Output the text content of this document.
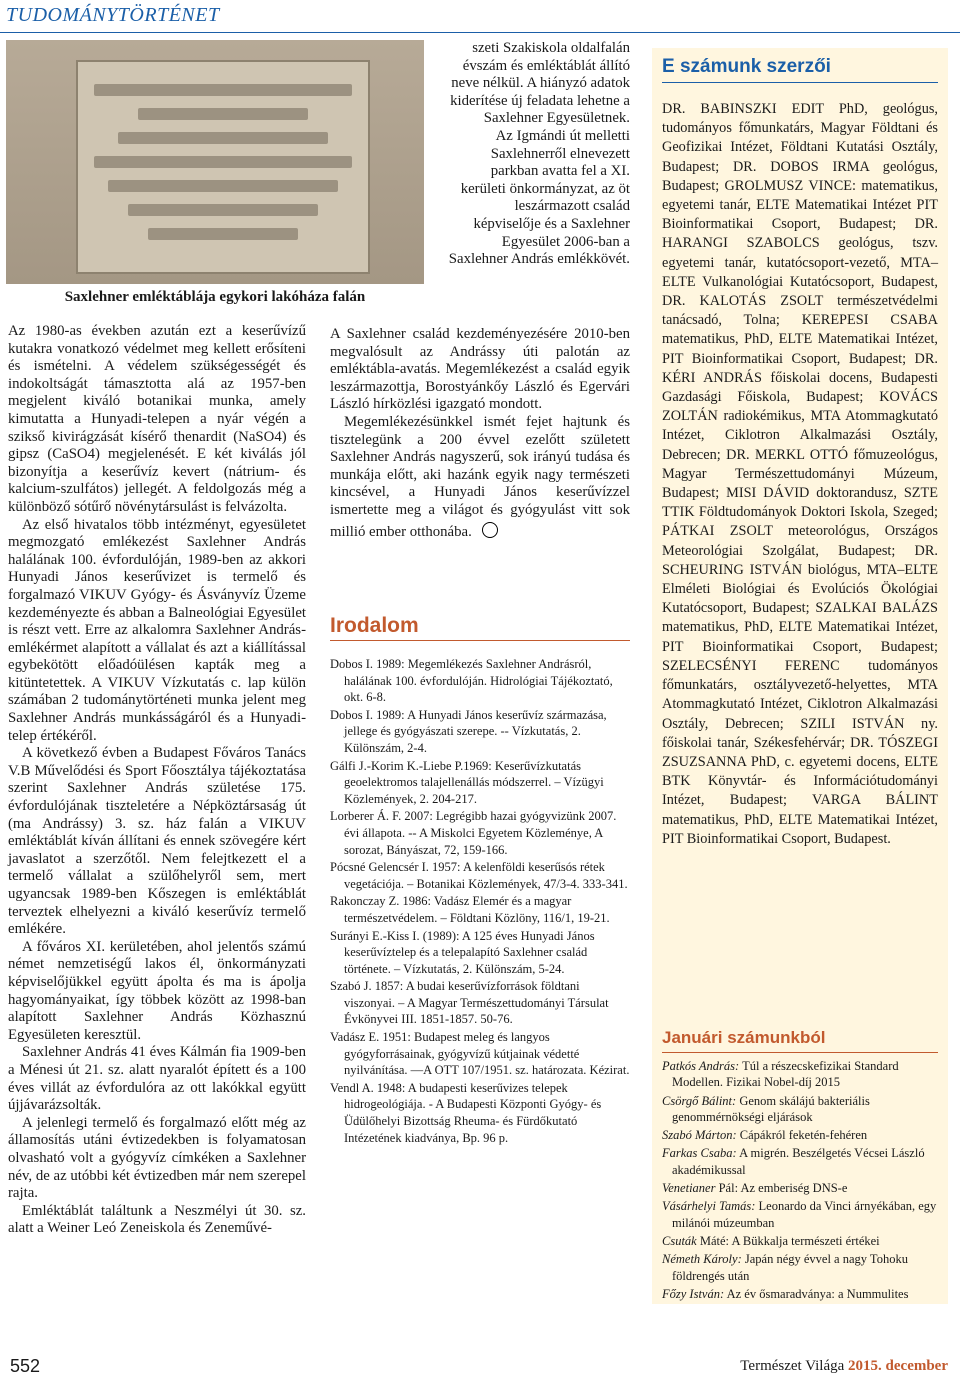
TUDOMÁNYTÖRTÉNET
Saxlehner emléktáblája egykori lakóháza falán

Az 1980-as években azután ezt a keserűvízű kutakra vonatkozó védelmet meg kellett erősíteni és ismételni. A védelem szükségességét és indokoltságát támasztotta alá az 1957-ben megjelent kiváló botanikai munka, amely kimutatta a Hunyadi-telepen a nyár végén a szikső kivirágzását kísérő thenardit (NaSO4) és gipsz (CaSO4) megjelenését. E két kiválás jól bizonyítja a keserűvíz kevert (nátrium- és kalcium-szulfátos) jellegét. A feldolgozás még a különböző sótűrő növénytársulást is felvázolta.

Az első hivatalos több intézményt, egyesületet megmozgató emlékezést Saxlehner András halálának 100. évfordulóján, 1989-ben az akkori Hunyadi János keserűvizet is termelő és forgalmazó VIKUV Gyógy- és Ásványvíz Üzeme kezdeményezte és abban a Balneológiai Egyesület is részt vett. Erre az alkalomra Saxlehner András-emlékérmet alapított a vállalat és azt a kiállítással egybekötött előadóülésen kapták meg a kitüntetettek. A VIKUV Vízkutatás c. lap külön számában 2 tudománytörténeti munka jelent meg Saxlehner András munkásságáról és a Hunyadi-telep értékéről.

A következő évben a Budapest Főváros Tanács V.B Művelődési és Sport Főosztálya tájékoztatása szerint Saxlehner András születése 175. évfordulójának tiszteletére a Népköztársaság út (ma Andrássy) 3. sz. ház falán a VIKUV emléktáblát kíván állítani és ennek szövegére kért javaslatot a szerzőtől. Nem felejtkezett el a termelő vállalat a szülőhelyről sem, mert ugyancsak 1989-ben Kőszegen is emléktáblát terveztek elhelyezni a kiváló keserűvíz termelő emlékére.

A főváros XI. kerületében, ahol jelentős számú német nemzetiségű lakos él, önkormányzati képviselőjükkel együtt ápolta és ma is ápolja hagyományaikat, így többek között az 1998-ban alapított Saxlehner András Közhasznú Egyesületen keresztül.

Saxlehner András 41 éves Kálmán fia 1909-ben a Ménesi út 21. sz. alatt nyaralót épített és a 100 éves villát az évfordulóra az ott lakókkal együtt újjávarázsolták.

A jelenlegi termelő és forgalmazó előtt még az államosítás utáni évtizedekben is folyamatosan olvasható volt a gyógyvíz címkéken a Saxlehner név, de az utóbbi két évtizedben már nem szerepel rajta.

Emléktáblát találtunk a Neszmélyi út 30. sz. alatt a Weiner Leó Zeneiskola és Zeneművé-

szeti Szakiskola oldalfalán évszám és emléktáblát állító neve nélkül. A hiányzó adatok kiderítése új feladata lehetne a Saxlehner Egyesületnek.

Az Igmándi út melletti Saxlehnerről elnevezett parkban avatta fel a XI. kerületi önkormányzat, az öt leszármazott család képviselője és a Saxlehner Egyesület 2006-ban a Saxlehner András emlékkövét.

A Saxlehner család kezdeményezésére 2010-ben megvalósult az Andrássy úti palotán az emléktábla-avatás. Megemlékezést a család egyik leszármazottja, Borostyánkőy László és Egervári László hírközlési igazgató mondott.

Megemlékezésünkkel ismét fejet hajtunk és tisztelegünk a 200 évvel ezelőtt született Saxlehner András nagyszerű, sok irányú tudása és munkája előtt, aki hazánk egyik nagy természeti kincsével, a Hunyadi János keserűvízzel ismertette meg a világot és gyógyulást vitt sok millió ember otthonába.

Irodalom

Dobos I. 1989: Megemlékezés Saxlehner Andrásról, halálának 100. évfordulóján. Hidrológiai Tájékoztató, okt. 6-8.

Dobos I. 1989: A Hunyadi János keserűvíz származása, jellege és gyógyászati szerepe. -- Vízkutatás, 2. Különszám, 2-4.

Gálfi J.-Korim K.-Liebe P.1969: Keserűvízkutatás geoelektromos talajellenállás módszerrel. – Vízügyi Közlemények, 2. 204-217.

Lorberer Á. F. 2007: Legrégibb hazai gyógyvizünk 2007. évi állapota. -- A Miskolci Egyetem Közleménye, A sorozat, Bányászat, 72, 159-166.

Pócsné Gelencsér I. 1957: A kelenföldi keserűsós rétek vegetációja. – Botanikai Közlemények, 47/3-4. 333-341.

Rakonczay Z. 1986: Vadász Elemér és a magyar természetvédelem. – Földtani Közlöny, 116/1, 19-21.

Surányi E.-Kiss I. (1989): A 125 éves Hunyadi János keserűvíztelep és a telepalapító Saxlehner család története. – Vízkutatás, 2. Különszám, 5-24.

Szabó J. 1857: A budai keserűvízforrások földtani viszonyai. – A Magyar Természettudományi Társulat Évkönyvei III. 1851-1857. 50-76.

Vadász E. 1951: Budapest meleg és langyos gyógyforrásainak, gyógyvízű kútjainak védetté nyilvánítása. —A OTT 107/1951. sz. határozata. Kézirat.

Vendl A. 1948: A budapesti keserűvizes telepek hidrogeológiája. - A Budapesti Központi Gyógy- és Üdülőhelyi Bizottság Rheuma- és Fürdőkutató Intézetének kiadványa, Bp. 96 p.

E számunk szerzői
DR. BABINSZKI EDIT PhD, geológus, tudományos főmunkatárs, Magyar Földtani és Geofizikai Intézet, Földtani Kutatási Osztály, Budapest; DR. DOBOS IRMA geológus, Budapest; GROLMUSZ VINCE: matematikus, egyetemi tanár, ELTE Matematikai Intézet PIT Bioinformatikai Csoport, Budapest; DR. HARANGI SZABOLCS geológus, tszv. egyetemi tanár, kutatócsoport-vezető, MTA–ELTE Vulkanológiai Kutatócsoport, Budapest, DR. KALOTÁS ZSOLT természetvédelmi tanácsadó, Tolna; KEREPESI CSABA matematikus, PhD, ELTE Matematikai Intézet, PIT Bioinformatikai Csoport, Budapest; DR. KÉRI ANDRÁS főiskolai docens, Budapesti Gazdasági Főiskola, Budapest; KOVÁCS ZOLTÁN radiokémikus, MTA Atommagkutató Intézet, Ciklotron Alkalmazási Osztály, Debrecen; DR. MERKL OTTÓ főmuzeológus, Magyar Természettudományi Múzeum, Budapest; MISI DÁVID doktorandusz, SZTE TTIK Földtudományok Doktori Iskola, Szeged; PÁTKAI ZSOLT meteorológus, Országos Meteorológiai Szolgálat, Budapest; DR. SCHEURING ISTVÁN biológus, MTA–ELTE Elméleti Biológiai és Evolúciós Ökológiai Kutatócsoport, Budapest; SZALKAI BALÁZS matematikus, PhD, ELTE Matematikai Intézet, PIT Bioinformatikai Csoport, Budapest; SZELECSÉNYI FERENC tudományos főmunkatárs, osztályvezető-helyettes, MTA Atommagkutató Intézet, Ciklotron Alkalmazási Osztály, Debrecen; SZILI ISTVÁN ny. főiskolai tanár, Székesfehérvár; DR. TÓSZEGI ZSUZSANNA PhD, c. egyetemi docens, ELTE BTK Könyvtár- és Információtudományi Intézet, Budapest; VARGA BÁLINT matematikus, PhD, ELTE Matematikai Intézet, PIT Bioinformatikai Csoport, Budapest.
Januári számunkból

Patkós András: Túl a részecskefizikai Standard Modellen. Fizikai Nobel-díj 2015

Csörgő Bálint: Genom skálájú bakteriális genommérnökségi eljárások

Szabó Márton: Cápákról feketén-fehéren

Farkas Csaba: A migrén. Beszélgetés Vécsei László akadémikussal

Venetianer Pál: Az emberiség DNS-e

Vásárhelyi Tamás: Leonardo da Vinci árnyékában, egy milánói múzeumban

Csuták Máté: A Bükkalja természeti értékei

Németh Károly: Japán négy évvel a nagy Tohoku földrengés után

Főzy István: Az év ősmaradványa: a Nummulites

552	Természet Világa 2015. december
